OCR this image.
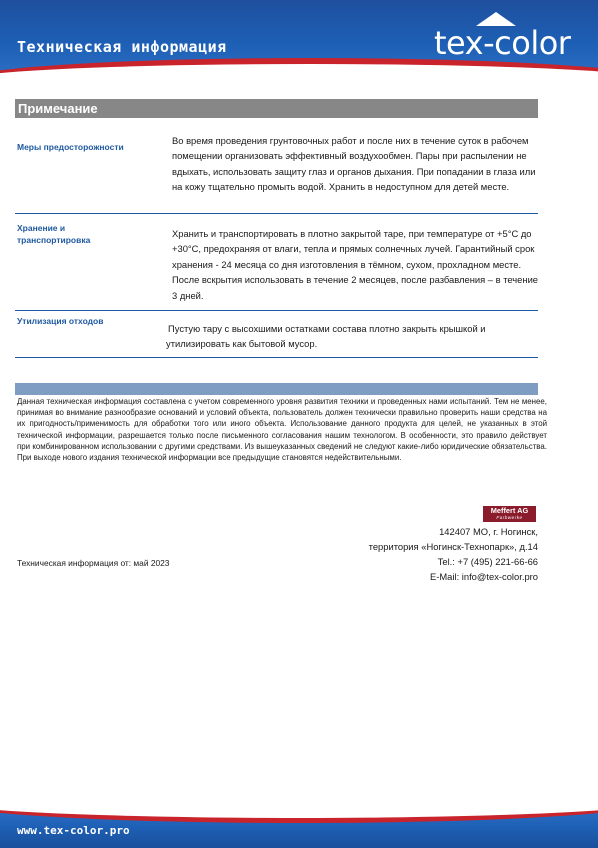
Техническая информация	tex-color
Примечание
Меры предосторожности
Во время проведения грунтовочных работ и после них в течение суток в рабочем помещении организовать эффективный воздухообмен. Пары при распылении не вдыхать, использовать защиту глаз и органов дыхания. При попадании в глаза или на кожу тщательно промыть водой. Хранить в недоступном для детей месте.
Хранение и транспортировка
Хранить и транспортировать в плотно закрытой таре, при температуре от +5°С до +30°С, предохраняя от влаги, тепла и прямых солнечных лучей. Гарантийный срок хранения - 24 месяца со дня изготовления в тёмном, сухом, прохладном месте. После вскрытия использовать в течение 2 месяцев, после разбавления – в течение 3 дней.
Утилизация отходов
Пустую тару с высохшими остатками состава плотно закрыть крышкой и утилизировать как бытовой мусор.
Данная техническая информация составлена с учетом современного уровня развития техники и проведенных нами испытаний. Тем не менее, принимая во внимание разнообразие оснований и условий объекта, пользователь должен технически правильно проверить наши средства на их пригодность/применимость для обработки того или иного объекта. Использование данного продукта для целей, не указанных в этой технической информации, разрешается только после письменного согласования нашим технологом. В особенности, это правило действует при комбинированном использовании с другими средствами. Из вышеуказанных сведений не следуют какие-либо юридические обязательства. При выходе нового издания технической информации все предыдущие становятся недействительными.
Meffert AG
Farbwerke
142407 МО, г. Ногинск,
территория «Ногинск-Технопарк», д.14
Tel.: +7 (495) 221-66-66
E-Mail: info@tex-color.pro
Техническая информация от: май 2023
www.tex-color.pro
